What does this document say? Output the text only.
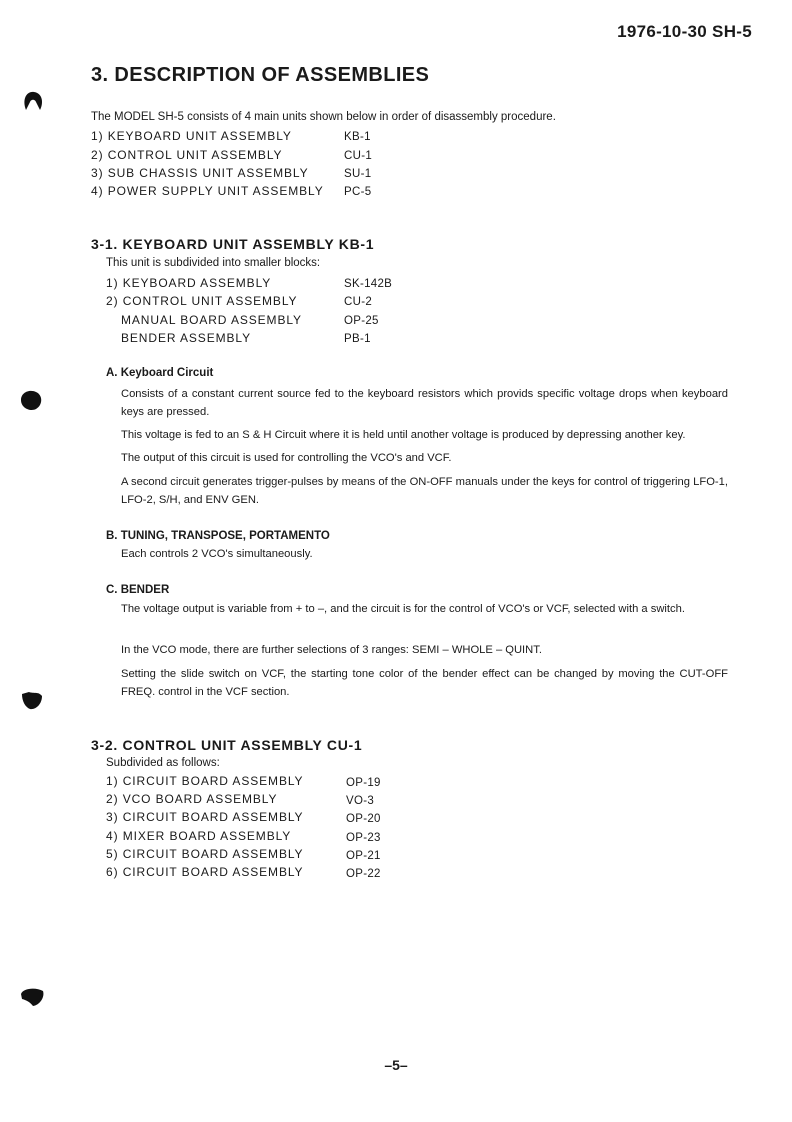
1976-10-30 SH-5
3. DESCRIPTION OF ASSEMBLIES
The MODEL SH-5 consists of 4 main units shown below in order of disassembly procedure.
1) KEYBOARD UNIT ASSEMBLY	KB-1
2) CONTROL UNIT ASSEMBLY	CU-1
3) SUB CHASSIS UNIT ASSEMBLY	SU-1
4) POWER SUPPLY UNIT ASSEMBLY PC-5
3-1. KEYBOARD UNIT ASSEMBLY KB-1
This unit is subdivided into smaller blocks:
1) KEYBOARD ASSEMBLY	SK-142B
2) CONTROL UNIT ASSEMBLY	CU-2
MANUAL BOARD ASSEMBLY	OP-25
BENDER ASSEMBLY	PB-1
A. Keyboard Circuit
Consists of a constant current source fed to the keyboard resistors which provids specific voltage drops when keyboard keys are pressed.
This voltage is fed to an S & H Circuit where it is held until another voltage is produced by depressing another key.
The output of this circuit is used for controlling the VCO's and VCF.
A second circuit generates trigger-pulses by means of the ON-OFF manuals under the keys for control of triggering LFO-1, LFO-2, S/H, and ENV GEN.
B. TUNING, TRANSPOSE, PORTAMENTO
Each controls 2 VCO's simultaneously.
C. BENDER
The voltage output is variable from + to –, and the circuit is for the control of VCO's or VCF, selected with a switch.
In the VCO mode, there are further selections of 3 ranges: SEMI – WHOLE – QUINT.
Setting the slide switch on VCF, the starting tone color of the bender effect can be changed by moving the CUT-OFF FREQ. control in the VCF section.
3-2. CONTROL UNIT ASSEMBLY CU-1
Subdivided as follows:
1) CIRCUIT BOARD ASSEMBLY	OP-19
2) VCO BOARD ASSEMBLY	VO-3
3) CIRCUIT BOARD ASSEMBLY	OP-20
4) MIXER BOARD ASSEMBLY	OP-23
5) CIRCUIT BOARD ASSEMBLY	OP-21
6) CIRCUIT BOARD ASSEMBLY	OP-22
–5–
